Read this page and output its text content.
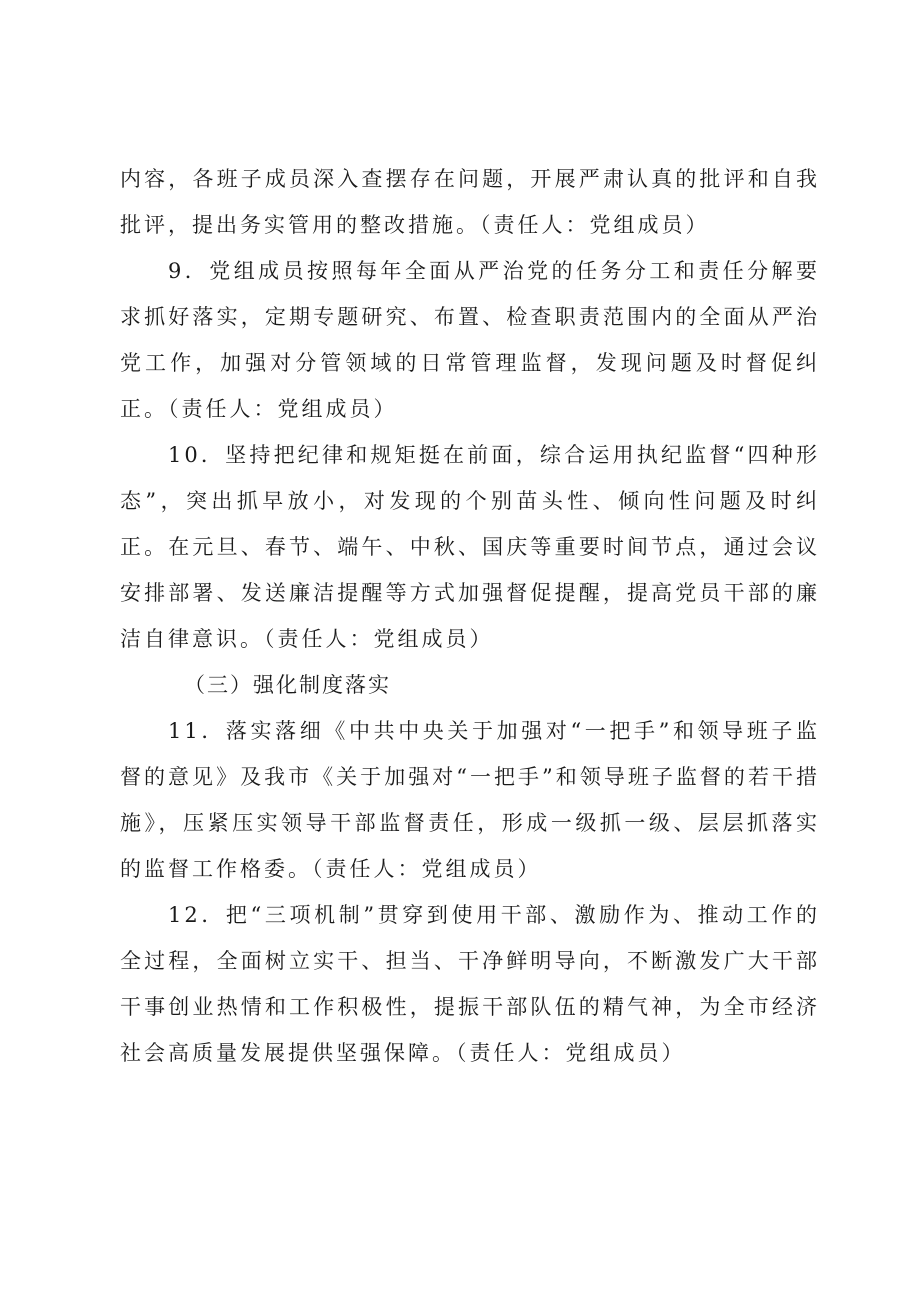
内容，各班子成员深入查摆存在问题，开展严肃认真的批评和自我批评，提出务实管用的整改措施。（责任人：党组成员）

9．党组成员按照每年全面从严治党的任务分工和责任分解要求抓好落实，定期专题研究、布置、检查职责范围内的全面从严治党工作，加强对分管领域的日常管理监督，发现问题及时督促纠正。（责任人：党组成员）

10．坚持把纪律和规矩挺在前面，综合运用执纪监督“四种形态”，突出抓早放小，对发现的个别苗头性、倾向性问题及时纠正。在元旦、春节、端午、中秋、国庆等重要时间节点，通过会议安排部署、发送廉洁提醒等方式加强督促提醒，提高党员干部的廉洁自律意识。（责任人：党组成员）

（三）强化制度落实

11．落实落细《中共中央关于加强对“一把手”和领导班子监督的意见》及我市《关于加强对“一把手”和领导班子监督的若干措施》，压紧压实领导干部监督责任，形成一级抓一级、层层抓落实的监督工作格委。（责任人：党组成员）

12．把“三项机制”贯穿到使用干部、激励作为、推动工作的全过程，全面树立实干、担当、干净鲜明导向，不断激发广大干部干事创业热情和工作积极性，提振干部队伍的精气神，为全市经济社会高质量发展提供坚强保障。（责任人：党组成员）
